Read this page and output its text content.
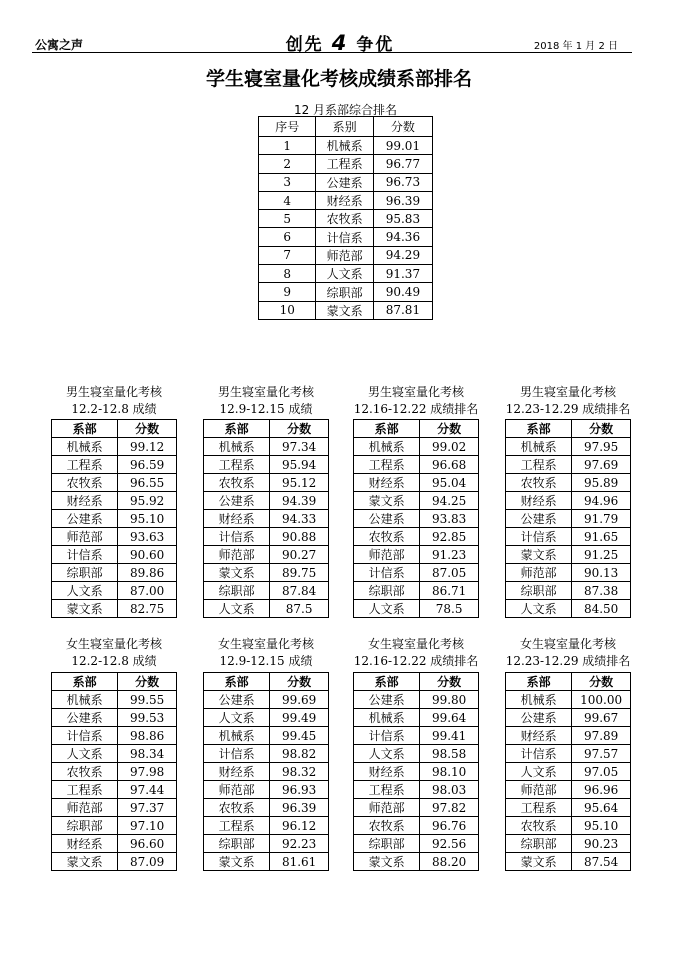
公寓之声	创先 4 争优	2018 年 1 月 2 日
学生寝室量化考核成绩系部排名
12 月系部综合排名
序号	系别	分数
1	机械系	99.01
2	工程系	96.77
3	公建系	96.73
4	财经系	96.39
5	农牧系	95.83
6	计信系	94.36
7	师范部	94.29
8	人文系	91.37
9	综职部	90.49
10	蒙文系	87.81
男生寝室量化考核
12.2-12.8 成绩
系部	分数
机械系	99.12
工程系	96.59
农牧系	96.55
财经系	95.92
公建系	95.10
师范部	93.63
计信系	90.60
综职部	89.86
人文系	87.00
蒙文系	82.75
男生寝室量化考核
12.9-12.15 成绩
系部	分数
机械系	97.34
工程系	95.94
农牧系	95.12
公建系	94.39
财经系	94.33
计信系	90.88
师范部	90.27
蒙文系	89.75
综职部	87.84
人文系	87.5
男生寝室量化考核
12.16-12.22 成绩排名
系部	分数
机械系	99.02
工程系	96.68
财经系	95.04
蒙文系	94.25
公建系	93.83
农牧系	92.85
师范部	91.23
计信系	87.05
综职部	86.71
人文系	78.5
男生寝室量化考核
12.23-12.29 成绩排名
系部	分数
机械系	97.95
工程系	97.69
农牧系	95.89
财经系	94.96
公建系	91.79
计信系	91.65
蒙文系	91.25
师范部	90.13
综职部	87.38
人文系	84.50
女生寝室量化考核
12.2-12.8 成绩
系部	分数
机械系	99.55
公建系	99.53
计信系	98.86
人文系	98.34
农牧系	97.98
工程系	97.44
师范部	97.37
综职部	97.10
财经系	96.60
蒙文系	87.09
女生寝室量化考核
12.9-12.15 成绩
系部	分数
公建系	99.69
人文系	99.49
机械系	99.45
计信系	98.82
财经系	98.32
师范部	96.93
农牧系	96.39
工程系	96.12
综职部	92.23
蒙文系	81.61
女生寝室量化考核
12.16-12.22 成绩排名
系部	分数
公建系	99.80
机械系	99.64
计信系	99.41
人文系	98.58
财经系	98.10
工程系	98.03
师范部	97.82
农牧系	96.76
综职部	92.56
蒙文系	88.20
女生寝室量化考核
12.23-12.29 成绩排名
系部	分数
机械系	100.00
公建系	99.67
财经系	97.89
计信系	97.57
人文系	97.05
师范部	96.96
工程系	95.64
农牧系	95.10
综职部	90.23
蒙文系	87.54
